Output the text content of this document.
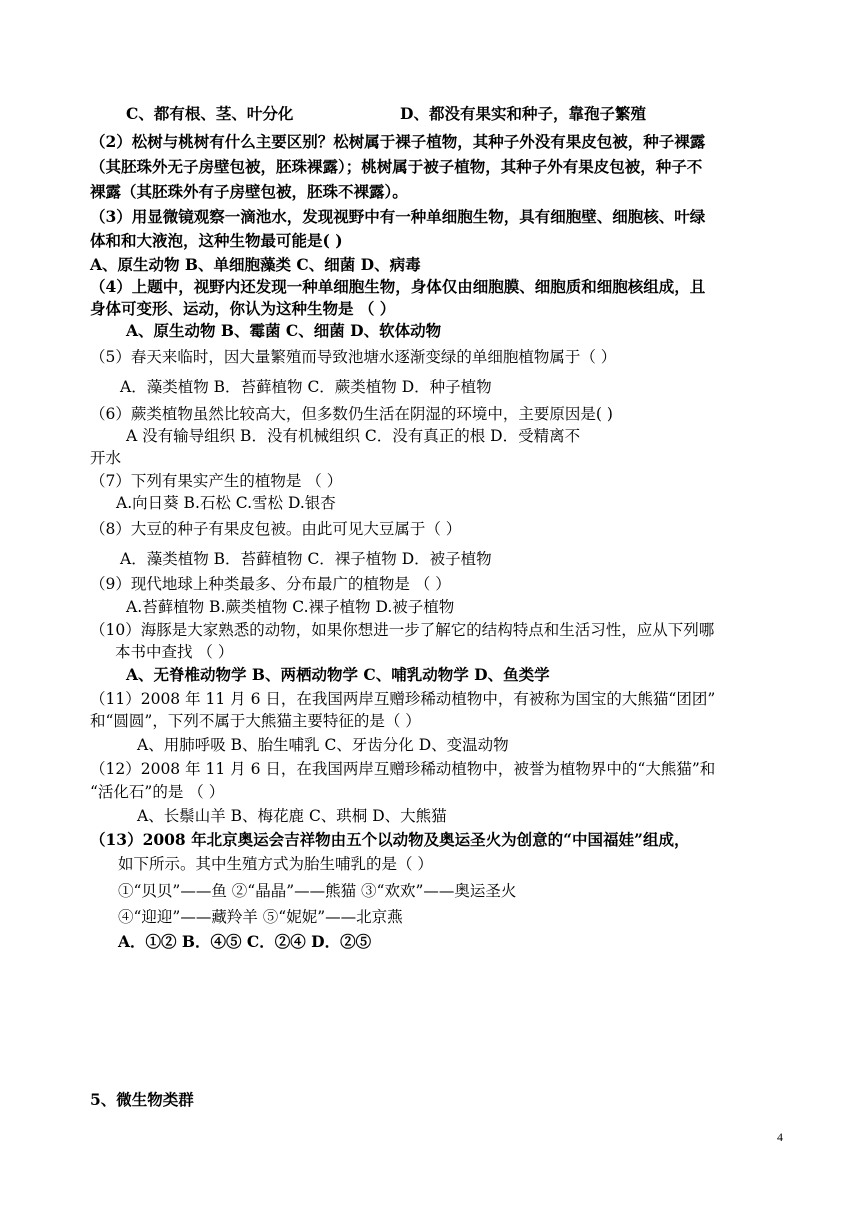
C、都有根、茎、叶分化	D、都没有果实和种子，靠孢子繁殖
（2）松树与桃树有什么主要区别？松树属于裸子植物，其种子外没有果皮包被，种子裸露
（其胚珠外无子房壁包被，胚珠裸露）；桃树属于被子植物，其种子外有果皮包被，种子不
裸露（其胚珠外有子房壁包被，胚珠不裸露）。
（3）用显微镜观察一滴池水，发现视野中有一种单细胞生物，具有细胞壁、细胞核、叶绿
体和和大液泡，这种生物最可能是( )
A、原生动物 B、单细胞藻类 C、细菌 D、病毒
（4）上题中，视野内还发现一种单细胞生物，身体仅由细胞膜、细胞质和细胞核组成，且
身体可变形、运动，你认为这种生物是 （ ）
A、原生动物 B、霉菌 C、细菌 D、软体动物
（5）春天来临时，因大量繁殖而导致池塘水逐渐变绿的单细胞植物属于（ ）
A．藻类植物 B．苔藓植物 C．蕨类植物 D．种子植物
（6）蕨类植物虽然比较高大，但多数仍生活在阴湿的环境中，主要原因是( )
A 没有输导组织 B．没有机械组织 C．没有真正的根 D．受精离不
开水
（7）下列有果实产生的植物是 （ ）
A.向日葵 B.石松 C.雪松 D.银杏
（8）大豆的种子有果皮包被。由此可见大豆属于（ ）
A．藻类植物 B．苔藓植物 C．裸子植物 D．被子植物
（9）现代地球上种类最多、分布最广的植物是 （ ）
A.苔藓植物 B.蕨类植物 C.裸子植物 D.被子植物
（10）海豚是大家熟悉的动物，如果你想进一步了解它的结构特点和生活习性，应从下列哪
本书中查找 （ ）
A、无脊椎动物学 B、两栖动物学 C、哺乳动物学 D、鱼类学
（11）2008 年 11 月 6 日，在我国两岸互赠珍稀动植物中，有被称为国宝的大熊猫“团团”
和“圆圆”，下列不属于大熊猫主要特征的是（ ）
A、用肺呼吸 B、胎生哺乳 C、牙齿分化 D、变温动物
（12）2008 年 11 月 6 日，在我国两岸互赠珍稀动植物中，被誉为植物界中的“大熊猫”和
“活化石”的是 （ ）
A、长鬃山羊 B、梅花鹿 C、珙桐 D、大熊猫
（13）2008 年北京奥运会吉祥物由五个以动物及奥运圣火为创意的“中国福娃”组成，
如下所示。其中生殖方式为胎生哺乳的是（ ）
①“贝贝”——鱼 ②“晶晶”——熊猫 ③“欢欢”——奥运圣火
④“迎迎”——藏羚羊 ⑤“妮妮”——北京燕
A．①② B．④⑤ C．②④ D．②⑤
5、微生物类群
4
